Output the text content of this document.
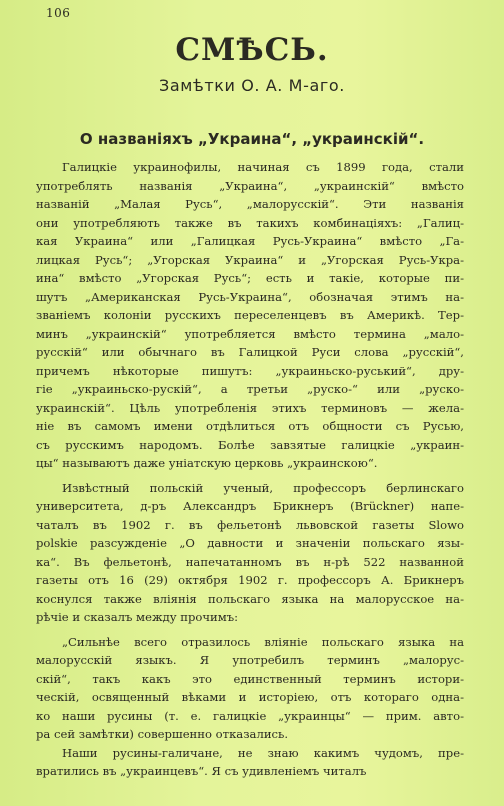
106
СМѢСЬ.
Замѣтки О. А. М-аго.
О названіяхъ „Украина“, „украинскій“.
Галицкіе украинофилы, начиная съ 1899 года, стали
употреблять названія „Украина“, „украинскій“ вмѣсто
названій „Малая Русь“, „малорусскій“. Эти названія
они употребляють также въ такихъ комбинаціяхъ: „Галиц-
кая Украина“ или „Галицкая Русь-Украина“ вмѣсто „Га-
лицкая Русь“; „Угорская Украина“ и „Угорская Русь-Укра-
ина“ вмѣсто „Угорская Русь“; есть и такіе, которые пи-
шутъ „Американская Русь-Украина“, обозначая этимъ на-
званіемъ колоніи русскихъ переселенцевъ въ Америкѣ. Тер-
минъ „украинскій“ употребляется вмѣсто термина „мало-
русскій“ или обычнаго въ Галицкой Руси слова „русскій“,
причемъ нѣкоторые пишутъ: „украиньско-руський“, дру-
гіе „украиньско-рускій“, а третьи „руско-“ или „руско-
украинскій“. Цѣль употребленія этихъ терминовъ — жела-
ніе въ самомъ имени отдѣлиться отъ общности съ Русью,
съ русскимъ народомъ. Болѣе завзятые галицкіе „украин-
цы“ называютъ даже уніатскую церковь „украинскою“.
Извѣстный польскій ученый, профессоръ берлинскаго
университета, д-ръ Александръ Брикнеръ (Brückner) напе-
чаталъ въ 1902 г. въ фельетонѣ львовской газеты Slowo
polskie разсужденіе „О давности и значеніи польскаго язы-
ка“. Въ фельетонѣ, напечатанномъ въ н-рѣ 522 названной
газеты отъ 16 (29) октября 1902 г. профессоръ А. Брикнеръ
коснулся также вліянія польскаго языка на малорусское на-
рѣчіе и сказалъ между прочимъ:
„Сильнѣе всего отразилось вліяніе польскаго языка на
малорусскій языкъ. Я употребилъ терминъ „малорус-
скій“, такъ какъ это единственный терминъ истори-
ческій, освященный вѣками и исторіею, отъ котораго одна-
ко наши русины (т. е. галицкіе „украинцы“ — прим. авто-
ра сей замѣтки) совершенно отказались.
Наши русины-галичане, не знаю какимъ чудомъ, пре-
вратились въ „украинцевъ“. Я съ удивленіемъ читалъ
